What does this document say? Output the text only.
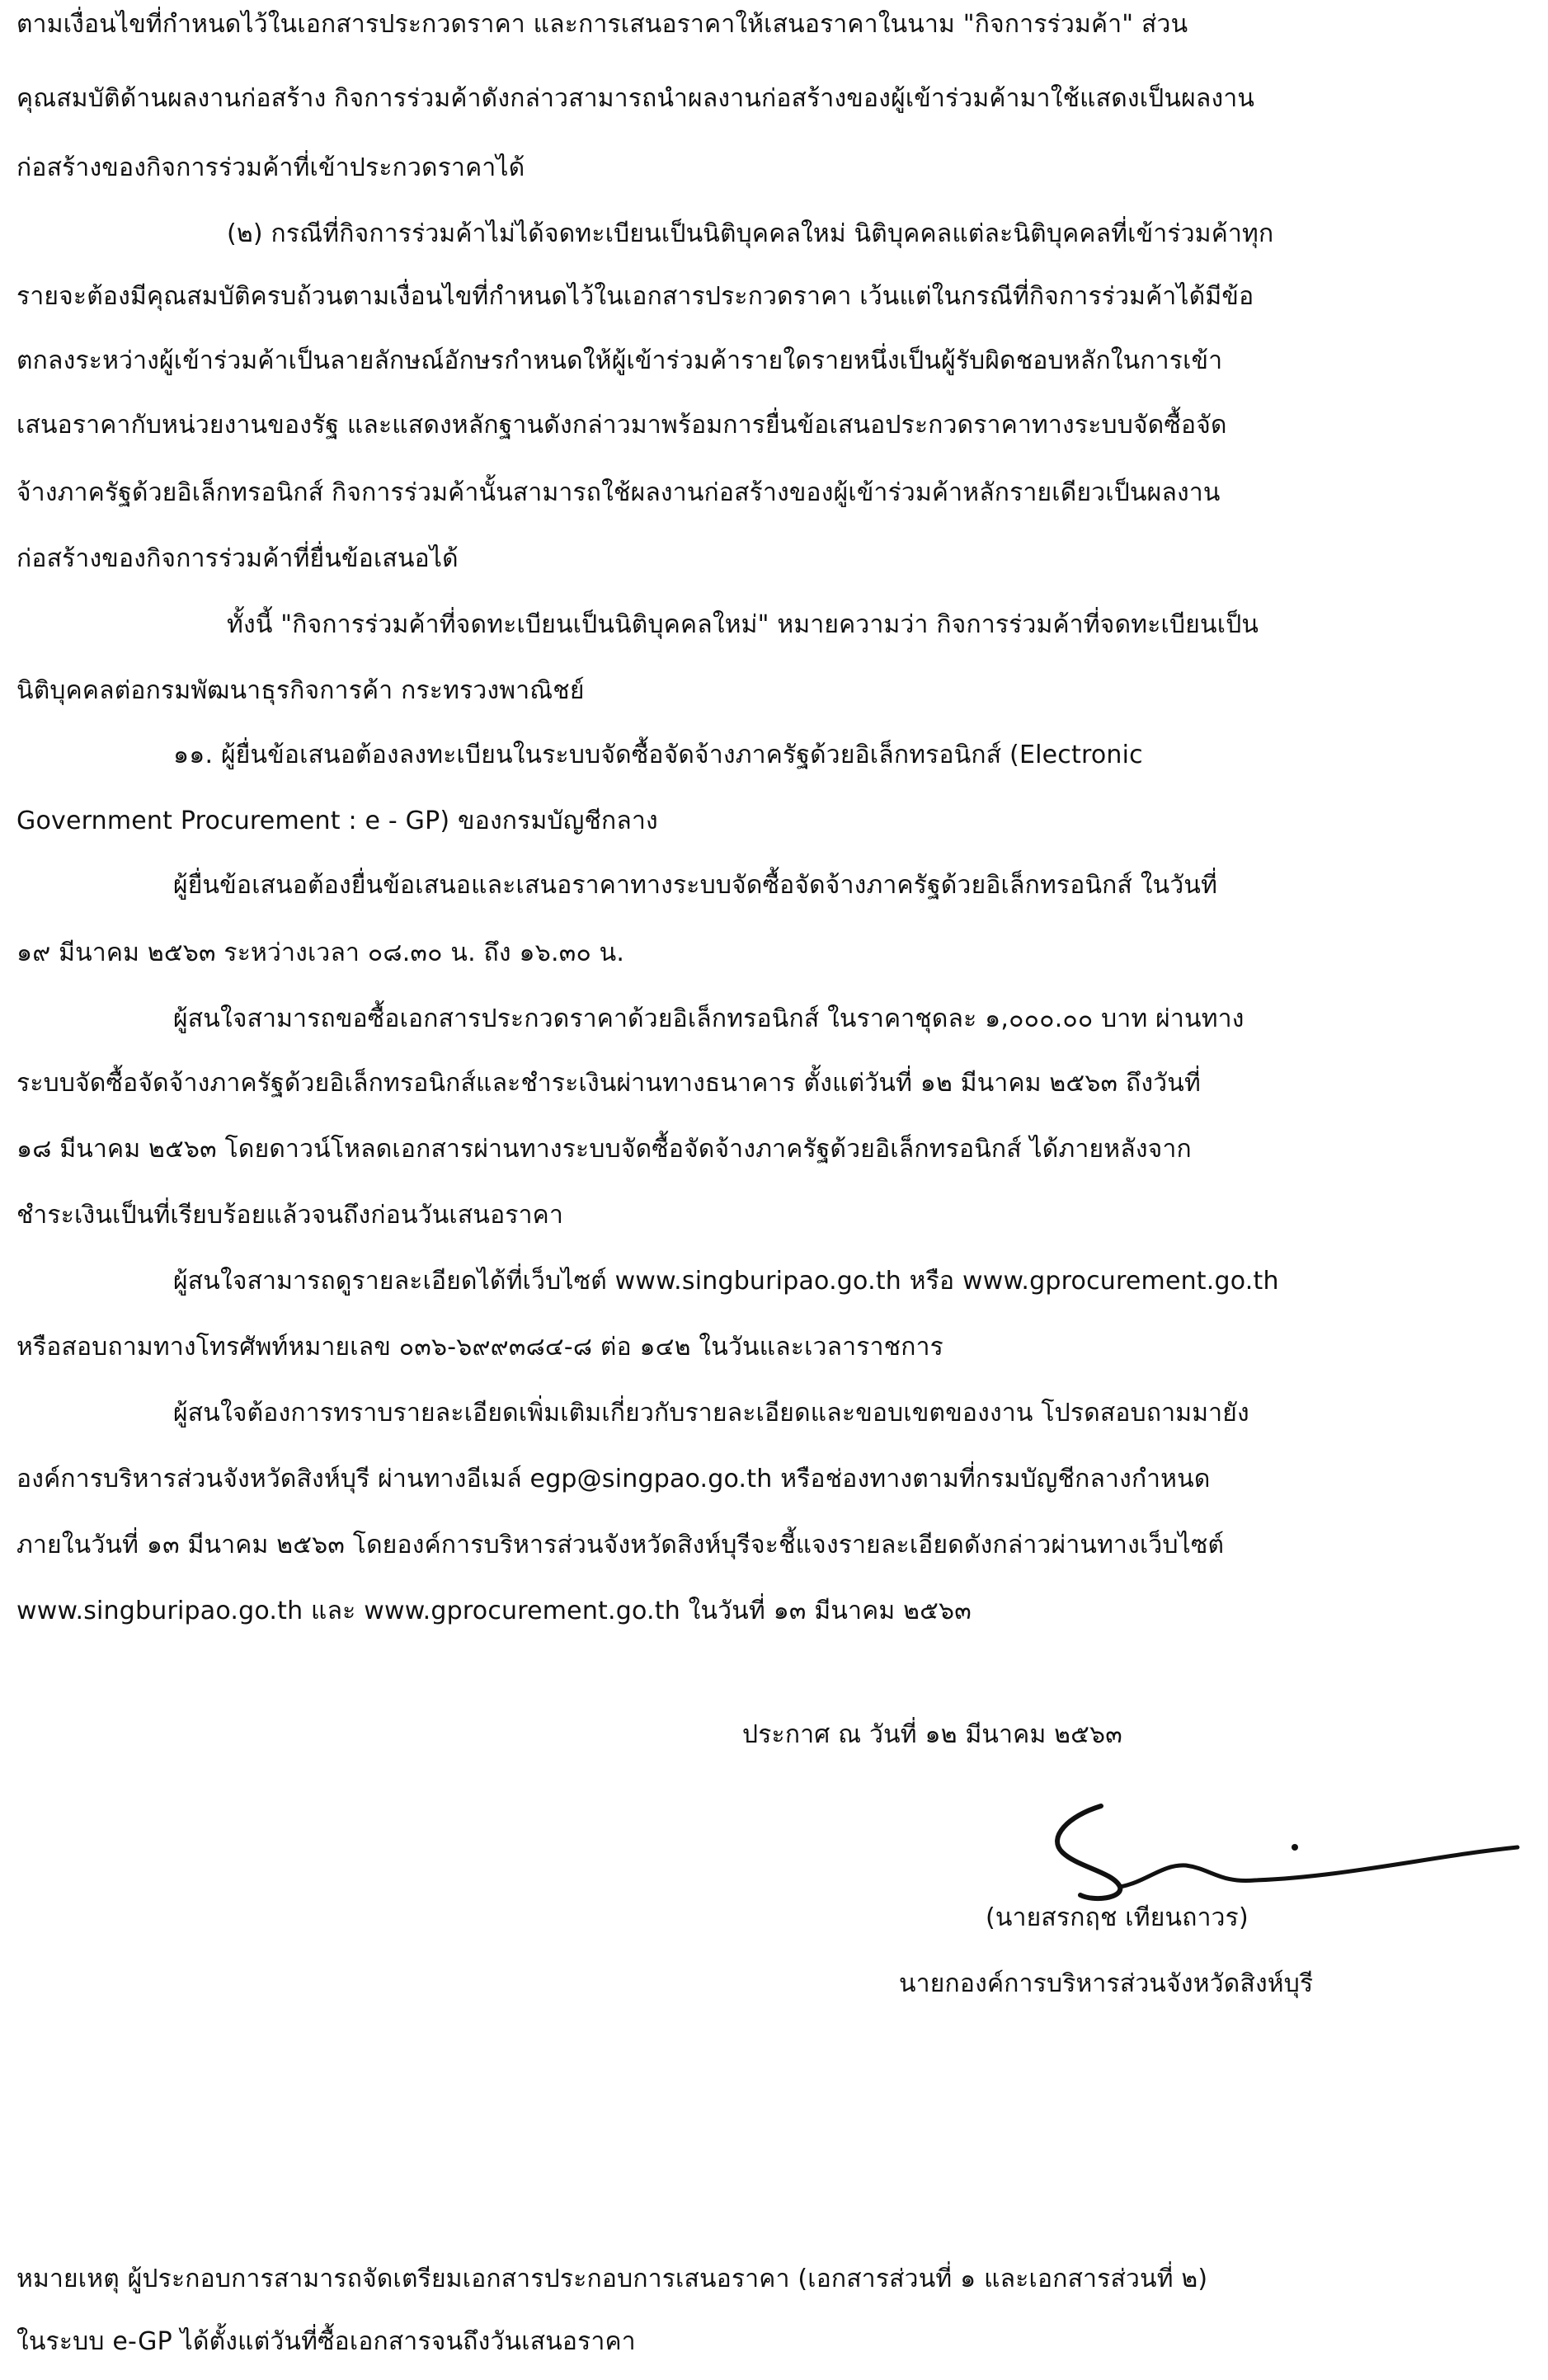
ตามเงื่อนไขที่กำหนดไว้ในเอกสารประกวดราคา และการเสนอราคาให้เสนอราคาในนาม "กิจการร่วมค้า" ส่วน
คุณสมบัติด้านผลงานก่อสร้าง กิจการร่วมค้าดังกล่าวสามารถนำผลงานก่อสร้างของผู้เข้าร่วมค้ามาใช้แสดงเป็นผลงาน
ก่อสร้างของกิจการร่วมค้าที่เข้าประกวดราคาได้
(๒) กรณีที่กิจการร่วมค้าไม่ได้จดทะเบียนเป็นนิติบุคคลใหม่ นิติบุคคลแต่ละนิติบุคคลที่เข้าร่วมค้าทุก
รายจะต้องมีคุณสมบัติครบถ้วนตามเงื่อนไขที่กำหนดไว้ในเอกสารประกวดราคา เว้นแต่ในกรณีที่กิจการร่วมค้าได้มีข้อ
ตกลงระหว่างผู้เข้าร่วมค้าเป็นลายลักษณ์อักษรกำหนดให้ผู้เข้าร่วมค้ารายใดรายหนึ่งเป็นผู้รับผิดชอบหลักในการเข้า
เสนอราคากับหน่วยงานของรัฐ และแสดงหลักฐานดังกล่าวมาพร้อมการยื่นข้อเสนอประกวดราคาทางระบบจัดซื้อจัด
จ้างภาครัฐด้วยอิเล็กทรอนิกส์ กิจการร่วมค้านั้นสามารถใช้ผลงานก่อสร้างของผู้เข้าร่วมค้าหลักรายเดียวเป็นผลงาน
ก่อสร้างของกิจการร่วมค้าที่ยื่นข้อเสนอได้
ทั้งนี้ "กิจการร่วมค้าที่จดทะเบียนเป็นนิติบุคคลใหม่" หมายความว่า กิจการร่วมค้าที่จดทะเบียนเป็น
นิติบุคคลต่อกรมพัฒนาธุรกิจการค้า กระทรวงพาณิชย์
๑๑. ผู้ยื่นข้อเสนอต้องลงทะเบียนในระบบจัดซื้อจัดจ้างภาครัฐด้วยอิเล็กทรอนิกส์ (Electronic
Government Procurement : e - GP) ของกรมบัญชีกลาง
ผู้ยื่นข้อเสนอต้องยื่นข้อเสนอและเสนอราคาทางระบบจัดซื้อจัดจ้างภาครัฐด้วยอิเล็กทรอนิกส์ ในวันที่
๑๙ มีนาคม ๒๕๖๓ ระหว่างเวลา ๐๘.๓๐ น. ถึง ๑๖.๓๐ น.
ผู้สนใจสามารถขอซื้อเอกสารประกวดราคาด้วยอิเล็กทรอนิกส์ ในราคาชุดละ ๑,๐๐๐.๐๐ บาท ผ่านทาง
ระบบจัดซื้อจัดจ้างภาครัฐด้วยอิเล็กทรอนิกส์และชำระเงินผ่านทางธนาคาร ตั้งแต่วันที่ ๑๒ มีนาคม ๒๕๖๓ ถึงวันที่
๑๘ มีนาคม ๒๕๖๓ โดยดาวน์โหลดเอกสารผ่านทางระบบจัดซื้อจัดจ้างภาครัฐด้วยอิเล็กทรอนิกส์ ได้ภายหลังจาก
ชำระเงินเป็นที่เรียบร้อยแล้วจนถึงก่อนวันเสนอราคา
ผู้สนใจสามารถดูรายละเอียดได้ที่เว็บไซต์ www.singburipao.go.th หรือ www.gprocurement.go.th
หรือสอบถามทางโทรศัพท์หมายเลข ๐๓๖-๖๙๙๓๘๔-๘ ต่อ ๑๔๒ ในวันและเวลาราชการ
ผู้สนใจต้องการทราบรายละเอียดเพิ่มเติมเกี่ยวกับรายละเอียดและขอบเขตของงาน โปรดสอบถามมายัง
องค์การบริหารส่วนจังหวัดสิงห์บุรี ผ่านทางอีเมล์ egp@singpao.go.th หรือช่องทางตามที่กรมบัญชีกลางกำหนด
ภายในวันที่ ๑๓ มีนาคม ๒๕๖๓ โดยองค์การบริหารส่วนจังหวัดสิงห์บุรีจะชี้แจงรายละเอียดดังกล่าวผ่านทางเว็บไซต์
www.singburipao.go.th และ www.gprocurement.go.th ในวันที่ ๑๓ มีนาคม ๒๕๖๓
ประกาศ ณ วันที่ ๑๒ มีนาคม ๒๕๖๓
(นายสรกฤช เทียนถาวร)
นายกองค์การบริหารส่วนจังหวัดสิงห์บุรี
หมายเหตุ ผู้ประกอบการสามารถจัดเตรียมเอกสารประกอบการเสนอราคา (เอกสารส่วนที่ ๑ และเอกสารส่วนที่ ๒)
ในระบบ e-GP ได้ตั้งแต่วันที่ซื้อเอกสารจนถึงวันเสนอราคา
